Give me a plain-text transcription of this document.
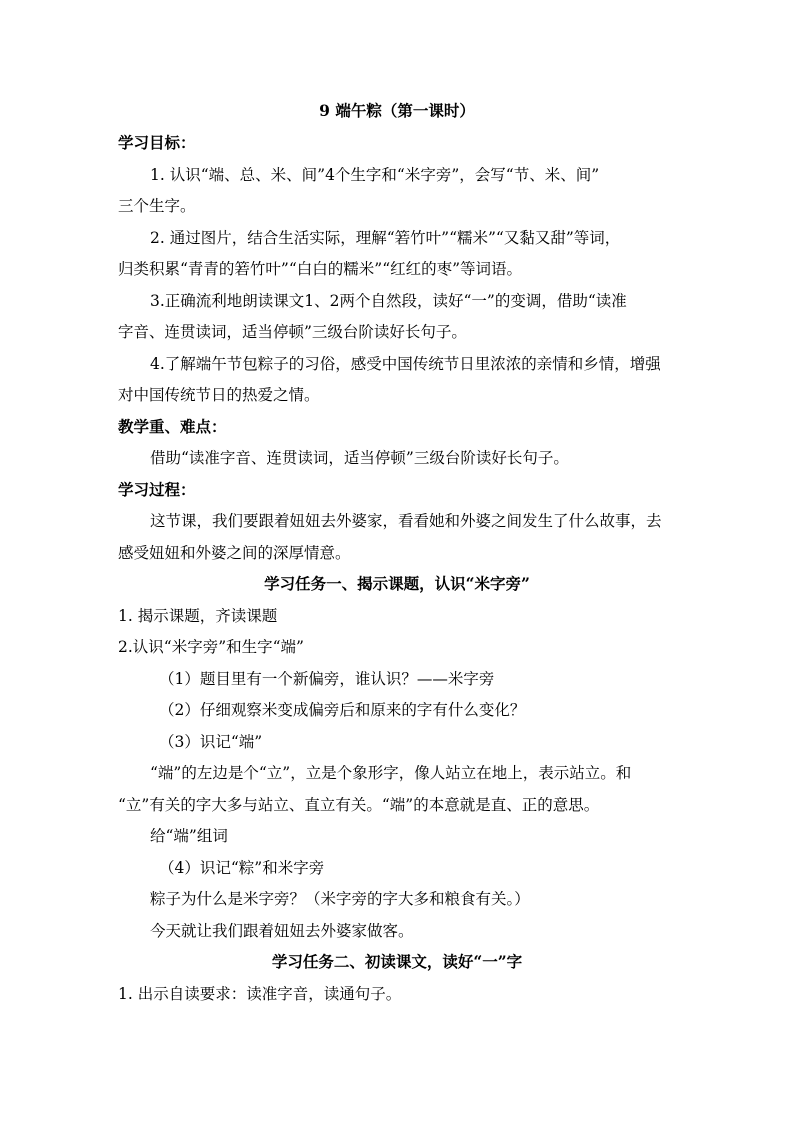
9 端午粽（第一课时）
学习目标：
1. 认识“端、总、米、间”4个生字和“米字旁”，会写“节、米、间”
三个生字。
2. 通过图片，结合生活实际，理解“箬竹叶”“糯米”“又黏又甜”等词，
归类积累“青青的箬竹叶”“白白的糯米”“红红的枣”等词语。
3.正确流利地朗读课文1、2两个自然段，读好“一”的变调，借助“读准
字音、连贯读词，适当停顿”三级台阶读好长句子。
4.了解端午节包粽子的习俗，感受中国传统节日里浓浓的亲情和乡情，增强
对中国传统节日的热爱之情。
教学重、难点：
借助“读准字音、连贯读词，适当停顿”三级台阶读好长句子。
学习过程：
这节课，我们要跟着妞妞去外婆家，看看她和外婆之间发生了什么故事，去
感受妞妞和外婆之间的深厚情意。
学习任务一、揭示课题，认识“米字旁”
1. 揭示课题，齐读课题
2.认识“米字旁”和生字“端”
（1）题目里有一个新偏旁，谁认识？——米字旁
（2）仔细观察米变成偏旁后和原来的字有什么变化？
（3）识记“端”
“端”的左边是个“立”，立是个象形字，像人站立在地上，表示站立。和
“立”有关的字大多与站立、直立有关。“端”的本意就是直、正的意思。
给“端”组词
（4）识记“粽”和米字旁
粽子为什么是米字旁？（米字旁的字大多和粮食有关。）
今天就让我们跟着妞妞去外婆家做客。
学习任务二、初读课文，读好“一”字
1. 出示自读要求：读准字音，读通句子。
